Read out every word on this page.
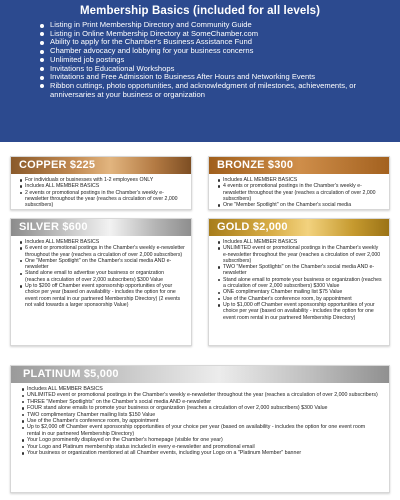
Membership Basics (included for all levels)
Listing in Print Membership Directory and Community Guide
Listing in Online Membership Directory at SomeChamber.com
Ability to apply for the Chamber's Business Assistance Fund
Chamber advocacy and lobbying for your business concerns
Unlimited job postings
Invitations to Educational Workshops
Invitations and Free Admission to Business After Hours and Networking Events
Ribbon cuttings, photo opportunities, and acknowledgment of milestones, achievements, or anniversaries at your business or organization
COPPER $225
For individuals or businesses with 1-2 employees ONLY
Includes ALL MEMBER BASICS
2 events or promotional postings in the Chamber's weekly e-newsletter throughout the year (reaches a circulation of over 2,000 subscribers)
BRONZE $300
Includes ALL MEMBER BASICS
4 events or promotional postings in the Chamber's weekly e-newsletter throughout the year (reaches a circulation of over 2,000 subscribers)
One "Member Spotlight" on the Chamber's social media
SILVER $600
Includes ALL MEMBER BASICS
6 event or promotional postings in the Chamber's weekly e-newsletter throughout the year (reaches a circulation of over 2,000 subscribers)
One "Member Spotlight" on the Chamber's social media AND e-newsletter
Stand alone email to advertise your business or organization (reaches a circulation of over 2,000 subscribers) $300 Value
Up to $200 off Chamber event sponsorship opportunities of your choice per year (based on availability - includes the option for one event room rental in our partnered Membership Directory) (2 events not valid towards a larger sponsorship Value)
GOLD $2,000
Includes ALL MEMBER BASICS
UNLIMITED event or promotional postings in the Chamber's weekly e-newsletter throughout the year (reaches a circulation of over 2,000 subscribers)
TWO "Member Spotlights" on the Chamber's social media AND e-newsletter
Stand alone email to promote your business or organization (reaches a circulation of over 2,000 subscribers) $300 Value
ONE complimentary Chamber mailing list $75 Value
Use of the Chamber's conference room, by appointment
Up to $1,000 off Chamber event sponsorship opportunities of your choice per year (based on availability - includes the option for one event room rental in our partnered Membership Directory)
PLATINUM $5,000
Includes ALL MEMBER BASICS
UNLIMITED event or promotional postings in the Chamber's weekly e-newsletter throughout the year (reaches a circulation of over 2,000 subscribers)
THREE "Member Spotlights" on the Chamber's social media AND e-newsletter
FOUR stand alone emails to promote your business or organization (reaches a circulation of over 2,000 subscribers) $300 Value
TWO complimentary Chamber mailing lists $150 Value
Use of the Chamber's conference room, by appointment
Up to $2,000 off Chamber event sponsorship opportunities of your choice per year (based on availability - includes the option for one event room rental in our partnered Membership Directory)
Your Logo prominently displayed on the Chamber's homepage (visible for one year)
Your Logo and Platinum membership status included in every e-newsletter and promotional email
Your business or organization mentioned at all Chamber events, including your Logo on a "Platinum Member" banner
